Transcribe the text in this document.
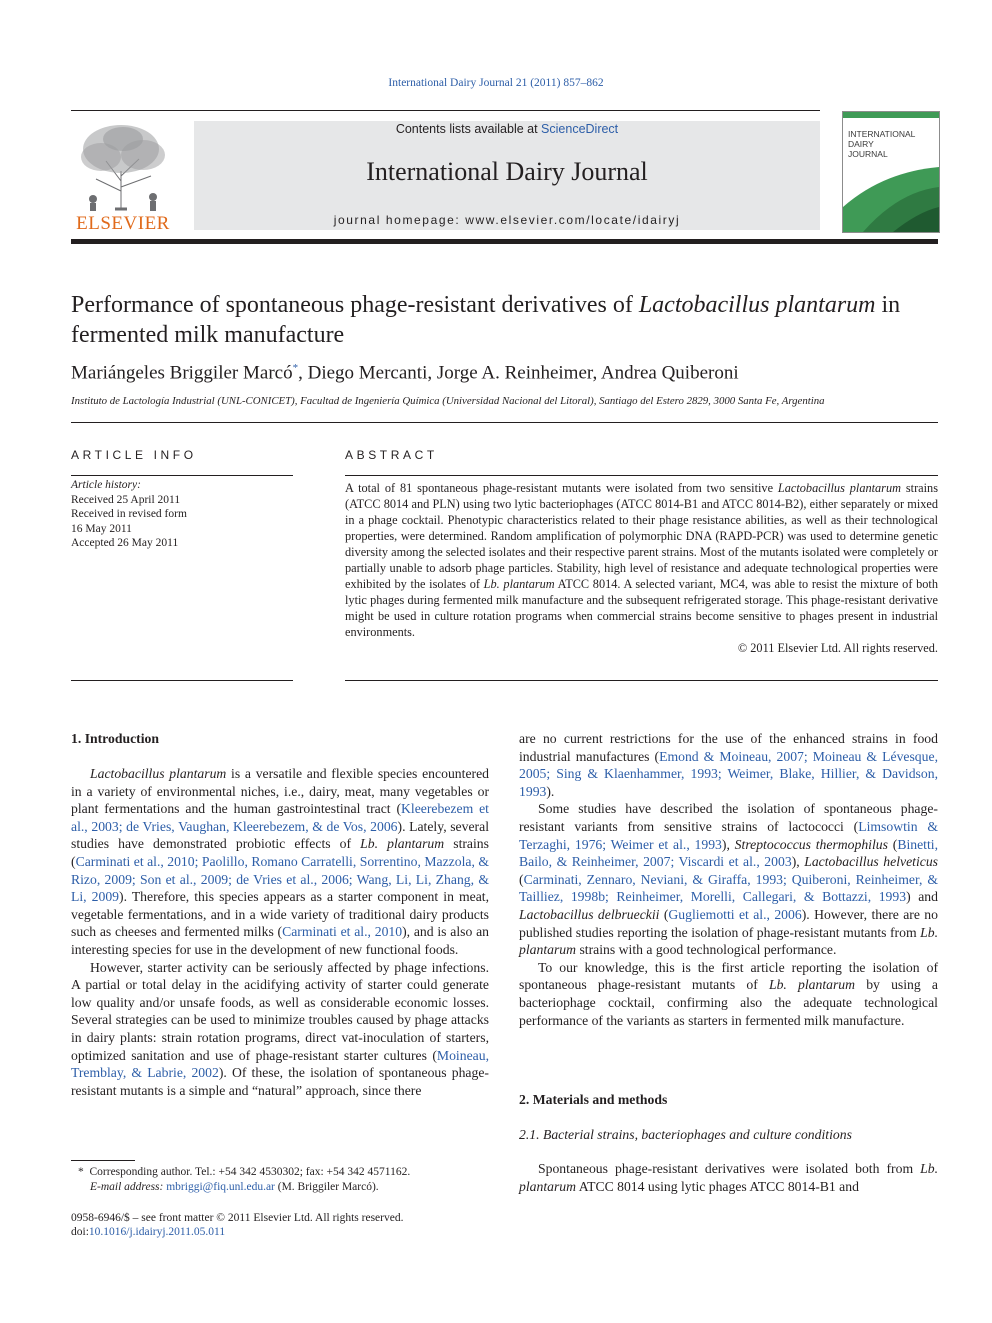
International Dairy Journal 21 (2011) 857–862
ELSEVIER
Contents lists available at ScienceDirect
International Dairy Journal
journal homepage: www.elsevier.com/locate/idairyj
INTERNATIONAL
DAIRY
JOURNAL
Performance of spontaneous phage-resistant derivatives of Lactobacillus plantarum in fermented milk manufacture
Mariángeles Briggiler Marcó*, Diego Mercanti, Jorge A. Reinheimer, Andrea Quiberoni
Instituto de Lactología Industrial (UNL-CONICET), Facultad de Ingeniería Química (Universidad Nacional del Litoral), Santiago del Estero 2829, 3000 Santa Fe, Argentina
ARTICLE INFO
Article history:
Received 25 April 2011
Received in revised form
16 May 2011
Accepted 26 May 2011
ABSTRACT
A total of 81 spontaneous phage-resistant mutants were isolated from two sensitive Lactobacillus plantarum strains (ATCC 8014 and PLN) using two lytic bacteriophages (ATCC 8014-B1 and ATCC 8014-B2), either separately or mixed in a phage cocktail. Phenotypic characteristics related to their phage resistance abilities, as well as their technological properties, were determined. Random amplification of polymorphic DNA (RAPD-PCR) was used to determine genetic diversity among the selected isolates and their respective parent strains. Most of the mutants isolated were completely or partially unable to adsorb phage particles. Stability, high level of resistance and adequate technological properties were exhibited by the isolates of Lb. plantarum ATCC 8014. A selected variant, MC4, was able to resist the mixture of both lytic phages during fermented milk manufacture and the subsequent refrigerated storage. This phage-resistant derivative might be used in culture rotation programs when commercial strains become sensitive to phages present in industrial environments.
© 2011 Elsevier Ltd. All rights reserved.
1. Introduction

Lactobacillus plantarum is a versatile and flexible species encountered in a variety of environmental niches, i.e., dairy, meat, many vegetables or plant fermentations and the human gastrointestinal tract (Kleerebezem et al., 2003; de Vries, Vaughan, Kleerebezem, & de Vos, 2006). Lately, several studies have demonstrated probiotic effects of Lb. plantarum strains (Carminati et al., 2010; Paolillo, Romano Carratelli, Sorrentino, Mazzola, & Rizo, 2009; Son et al., 2009; de Vries et al., 2006; Wang, Li, Li, Zhang, & Li, 2009). Therefore, this species appears as a starter component in meat, vegetable fermentations, and in a wide variety of traditional dairy products such as cheeses and fermented milks (Carminati et al., 2010), and is also an interesting species for use in the development of new functional foods.

However, starter activity can be seriously affected by phage infections. A partial or total delay in the acidifying activity of starter could generate low quality and/or unsafe foods, as well as considerable economic losses. Several strategies can be used to minimize troubles caused by phage attacks in dairy plants: strain rotation programs, direct vat-inoculation of starters, optimized sanitation and use of phage-resistant starter cultures (Moineau, Tremblay, & Labrie, 2002). Of these, the isolation of spontaneous phage-resistant mutants is a simple and “natural” approach, since there

are no current restrictions for the use of the enhanced strains in food industrial manufactures (Emond & Moineau, 2007; Moineau & Lévesque, 2005; Sing & Klaenhammer, 1993; Weimer, Blake, Hillier, & Davidson, 1993).

Some studies have described the isolation of spontaneous phage-resistant variants from sensitive strains of lactococci (Limsowtin & Terzaghi, 1976; Weimer et al., 1993), Streptococcus thermophilus (Binetti, Bailo, & Reinheimer, 2007; Viscardi et al., 2003), Lactobacillus helveticus (Carminati, Zennaro, Neviani, & Giraffa, 1993; Quiberoni, Reinheimer, & Tailliez, 1998b; Reinheimer, Morelli, Callegari, & Bottazzi, 1993) and Lactobacillus delbrueckii (Gugliemotti et al., 2006). However, there are no published studies reporting the isolation of phage-resistant mutants from Lb. plantarum strains with a good technological performance.

To our knowledge, this is the first article reporting the isolation of spontaneous phage-resistant mutants of Lb. plantarum by using a bacteriophage cocktail, confirming also the adequate technological performance of the variants as starters in fermented milk manufacture.

2. Materials and methods
2.1. Bacterial strains, bacteriophages and culture conditions

Spontaneous phage-resistant derivatives were isolated both from Lb. plantarum ATCC 8014 using lytic phages ATCC 8014-B1 and

* Corresponding author. Tel.: +54 342 4530302; fax: +54 342 4571162.
E-mail address: mbriggi@fiq.unl.edu.ar (M. Briggiler Marcó).
0958-6946/$ – see front matter © 2011 Elsevier Ltd. All rights reserved.
doi:10.1016/j.idairyj.2011.05.011
